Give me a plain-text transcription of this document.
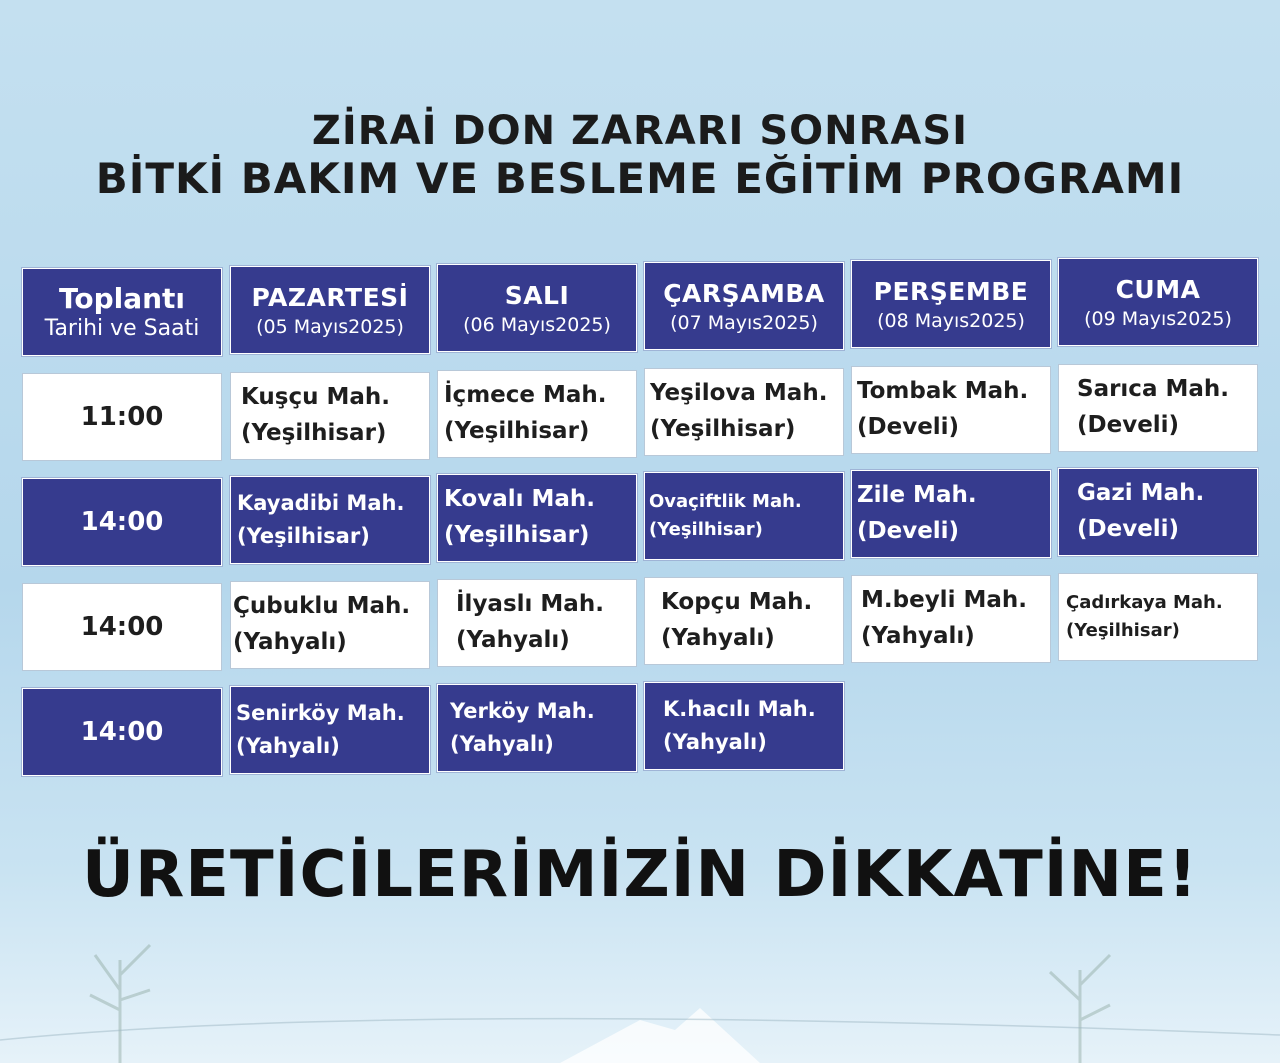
ZİRAİ DON ZARARI SONRASI
BİTKİ BAKIM VE BESLEME EĞİTİM PROGRAMI
Toplantı
Tarihi ve Saati
PAZARTESİ
(05 Mayıs2025)
SALI
(06 Mayıs2025)
ÇARŞAMBA
(07 Mayıs2025)
PERŞEMBE
(08 Mayıs2025)
CUMA
(09 Mayıs2025)
11:00
Kuşçu Mah.
(Yeşilhisar)
İçmece Mah.
(Yeşilhisar)
Yeşilova Mah.
(Yeşilhisar)
Tombak Mah.
(Develi)
Sarıca Mah.
(Develi)
14:00
Kayadibi Mah.
(Yeşilhisar)
Kovalı Mah.
(Yeşilhisar)
Ovaçiftlik Mah.
(Yeşilhisar)
Zile Mah.
(Develi)
Gazi Mah.
(Develi)
14:00
Çubuklu Mah.
(Yahyalı)
İlyaslı Mah.
(Yahyalı)
Kopçu Mah.
(Yahyalı)
M.beyli Mah.
(Yahyalı)
Çadırkaya Mah.
(Yeşilhisar)
14:00
Senirköy Mah.
(Yahyalı)
Yerköy Mah.
(Yahyalı)
K.hacılı Mah.
(Yahyalı)
ÜRETİCİLERİMİZİN DİKKATİNE!
